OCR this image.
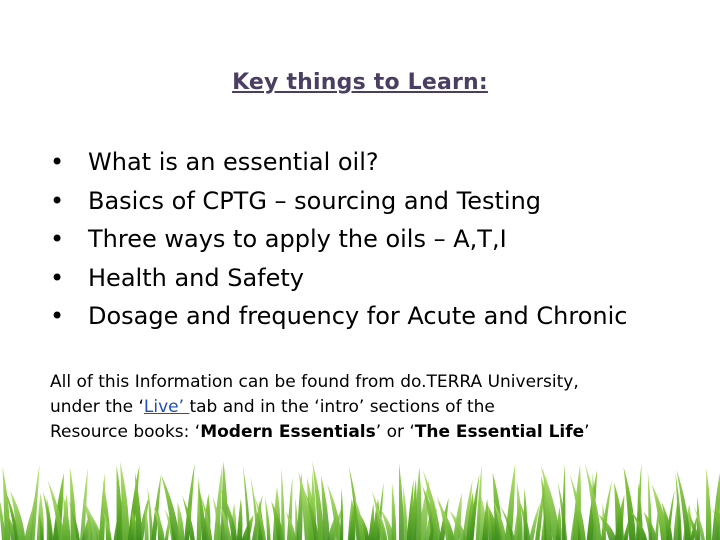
Key things to Learn:
• What is an essential oil?
• Basics of CPTG – sourcing and Testing
• Three ways to apply the oils – A,T,I
• Health and Safety
• Dosage and frequency for Acute and Chronic
All of this Information can be found from do.TERRA University,
under the ‘Live’ tab and in the ‘intro’ sections of the
Resource books: ‘Modern Essentials’ or ‘The Essential Life’
